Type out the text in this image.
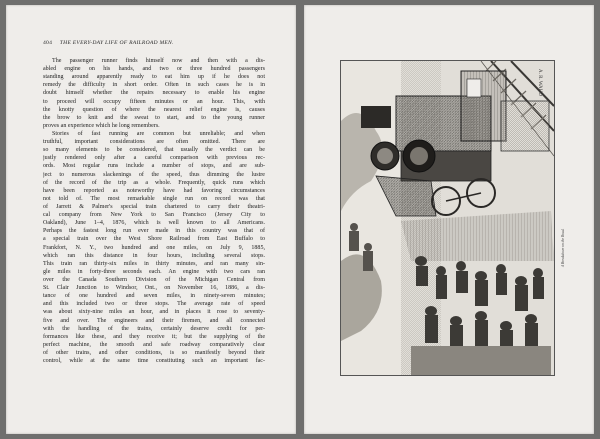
404 THE EVERY-DAY LIFE OF RAILROAD MEN.
The passenger runner finds himself now and then with a dis-
abled engine on his hands, and two or three hundred passengers
standing around apparently ready to eat him up if he does not
remedy the difficulty in short order. Often in such cases he is in
doubt himself whether the repairs necessary to enable his engine
to proceed will occupy fifteen minutes or an hour. This, with
the knotty question of where the nearest relief engine is, causes
the brow to knit and the sweat to start, and to the young runner
proves an experience which he long remembers.
Stories of fast running are common but unreliable; and when
truthful, important considerations are often omitted. There are
so many elements to be considered, that usually the verdict can be
justly rendered only after a careful comparison with previous rec-
ords. Most regular runs include a number of stops, and are sub-
ject to numerous slackenings of the speed, thus dimming the lustre
of the record of the trip as a whole. Frequently, quick runs which
have been reported as noteworthy have had favoring circumstances
not told of. The most remarkable single run on record was that
of Jarrett & Palmer's special train chartered to carry their theatri-
cal company from New York to San Francisco (Jersey City to
Oakland), June 1–4, 1876, which is well known to all Americans.
Perhaps the fastest long run ever made in this country was that of
a special train over the West Shore Railroad from East Buffalo to
Frankfort, N. Y., two hundred and one miles, on July 9, 1885,
which ran this distance in four hours, including several stops.
This train ran thirty-six miles in thirty minutes, and ran many sin-
gle miles in forty-three seconds each. An engine with two cars ran
over the Canada Southern Division of the Michigan Central from
St. Clair Junction to Windsor, Ont., on November 16, 1886, a dis-
tance of one hundred and seven miles, in ninety-seven minutes;
and this included two or three stops. The average rate of speed
was about sixty-nine miles an hour, and in places it rose to seventy-
five and over. The engineers and their firemen, and all connected
with the handling of the trains, certainly deserve credit for per-
formances like these, and they receive it; but the supplying of the
perfect machine, the smooth and safe roadway comparatively clear
of other trains, and other conditions, is so manifestly beyond their
control, while at the same time constituting such an important fac-
A. R. WAUD
A Breakdown on the Road.
